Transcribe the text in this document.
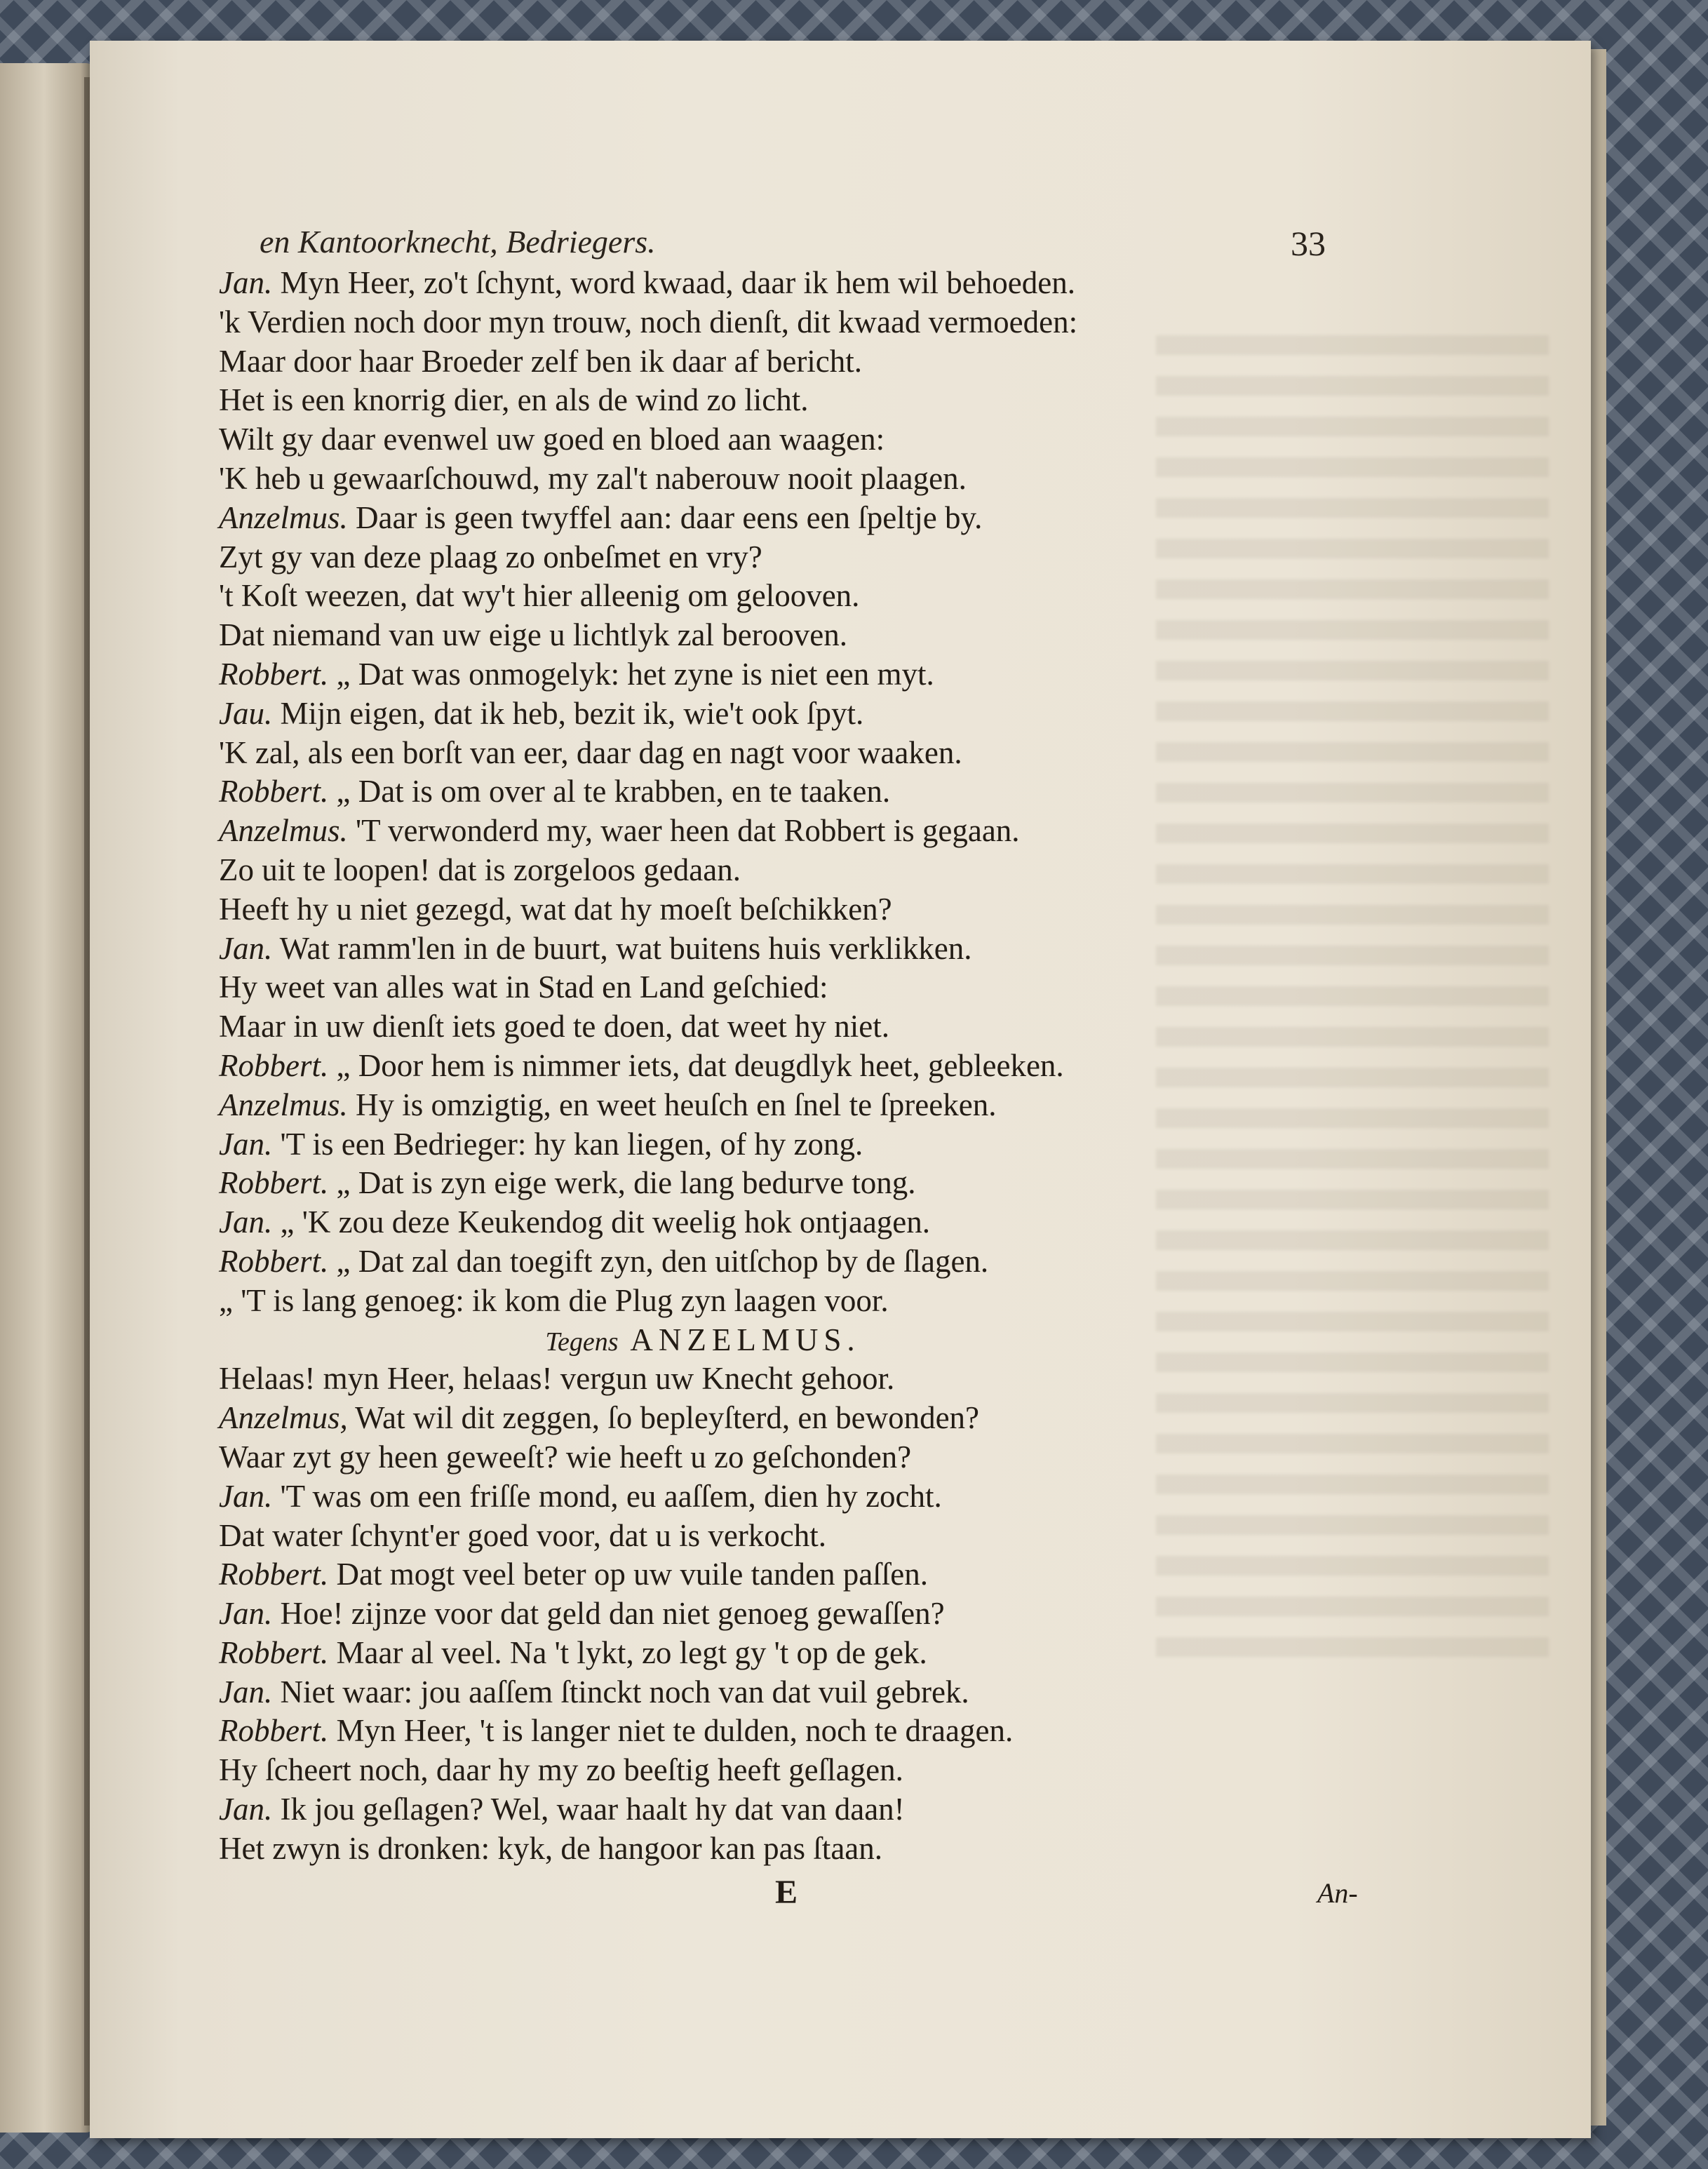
en Kantoorknecht, Bedriegers.	33
Jan. Myn Heer, zo't ſchynt, word kwaad, daar ik hem wil behoeden.
'k Verdien noch door myn trouw, noch dienſt, dit kwaad vermoeden:
Maar door haar Broeder zelf ben ik daar af bericht.
Het is een knorrig dier, en als de wind zo licht.
Wilt gy daar evenwel uw goed en bloed aan waagen:
'K heb u gewaarſchouwd, my zal't naberouw nooit plaagen.
Anzelmus. Daar is geen twyffel aan: daar eens een ſpeltje by.
Zyt gy van deze plaag zo onbeſmet en vry?
't Koſt weezen, dat wy't hier alleenig om gelooven.
Dat niemand van uw eige u lichtlyk zal berooven.
Robbert. „ Dat was onmogelyk: het zyne is niet een myt.
Jau. Mijn eigen, dat ik heb, bezit ik, wie't ook ſpyt.
'K zal, als een borſt van eer, daar dag en nagt voor waaken.
Robbert. „ Dat is om over al te krabben, en te taaken.
Anzelmus. 'T verwonderd my, waer heen dat Robbert is gegaan.
Zo uit te loopen! dat is zorgeloos gedaan.
Heeft hy u niet gezegd, wat dat hy moeſt beſchikken?
Jan. Wat ramm'len in de buurt, wat buitens huis verklikken.
Hy weet van alles wat in Stad en Land geſchied:
Maar in uw dienſt iets goed te doen, dat weet hy niet.
Robbert. „ Door hem is nimmer iets, dat deugdlyk heet, gebleeken.
Anzelmus. Hy is omzigtig, en weet heuſch en ſnel te ſpreeken.
Jan. 'T is een Bedrieger: hy kan liegen, of hy zong.
Robbert. „ Dat is zyn eige werk, die lang bedurve tong.
Jan. „ 'K zou deze Keukendog dit weelig hok ontjaagen.
Robbert. „ Dat zal dan toegift zyn, den uitſchop by de ſlagen.
„ 'T is lang genoeg: ik kom die Plug zyn laagen voor.
Tegens ANZELMUS.
Helaas! myn Heer, helaas! vergun uw Knecht gehoor.
Anzelmus, Wat wil dit zeggen, ſo bepleyſterd, en bewonden?
Waar zyt gy heen geweeſt? wie heeft u zo geſchonden?
Jan. 'T was om een friſſe mond, eu aaſſem, dien hy zocht.
Dat water ſchynt'er goed voor, dat u is verkocht.
Robbert. Dat mogt veel beter op uw vuile tanden paſſen.
Jan. Hoe! zijnze voor dat geld dan niet genoeg gewaſſen?
Robbert. Maar al veel. Na 't lykt, zo legt gy 't op de gek.
Jan. Niet waar: jou aaſſem ſtinckt noch van dat vuil gebrek.
Robbert. Myn Heer, 't is langer niet te dulden, noch te draagen.
Hy ſcheert noch, daar hy my zo beeſtig heeft geſlagen.
Jan. Ik jou geſlagen? Wel, waar haalt hy dat van daan!
Het zwyn is dronken: kyk, de hangoor kan pas ſtaan.
E	An-
